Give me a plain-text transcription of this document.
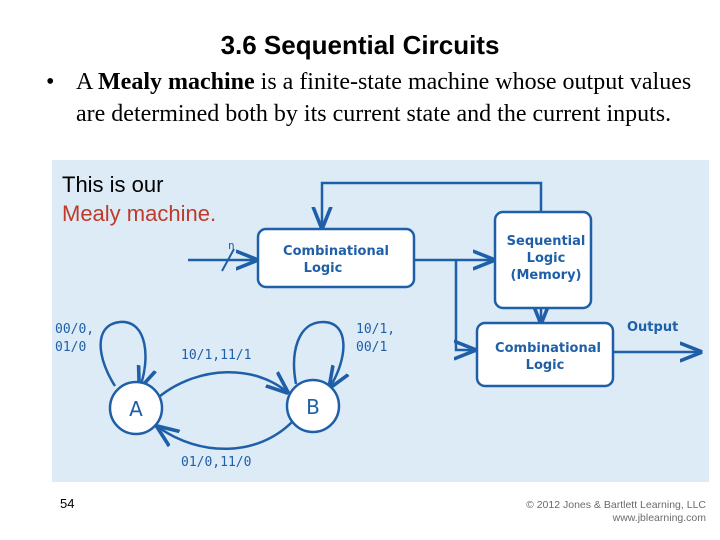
3.6 Sequential Circuits
• A Mealy machine is a finite-state machine whose output values are determined both by its current state and the current inputs.
This is our
Mealy machine.
n	Combinational
Logic
Sequential
Logic
(Memory)
Combinational
Logic
Output
A	B
00/0,
01/0
10/1,
00/1
10/1,11/1
01/0,11/0
54	© 2012 Jones & Bartlett Learning, LLC
www.jblearning.com
